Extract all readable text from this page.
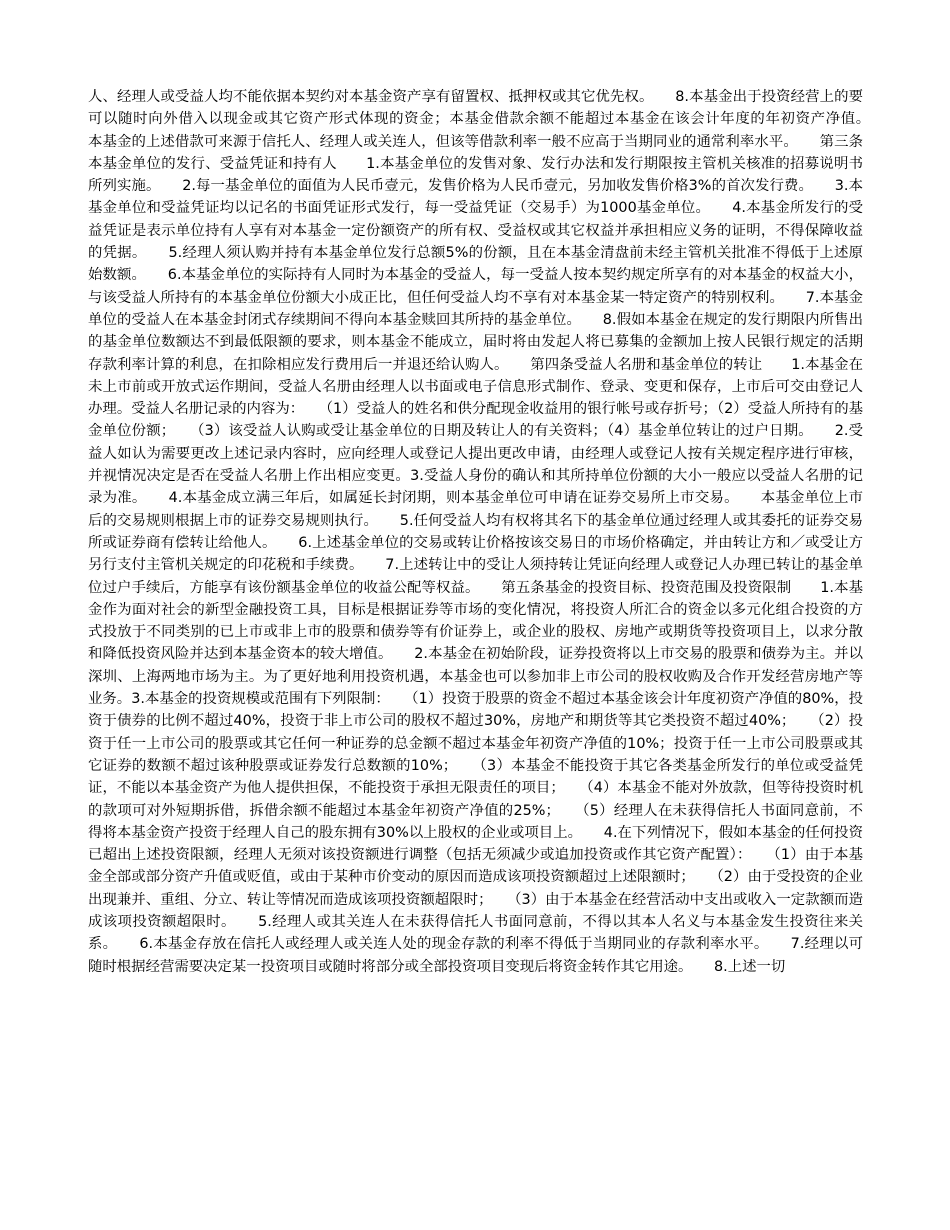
人、经理人或受益人均不能依据本契约对本基金资产享有留置权、抵押权或其它优先权。　　8.本基金出于投资经营上的要可以随时向外借入以现金或其它资产形式体现的资金；本基金借款余额不能超过本基金在该会计年度的年初资产净值。　　本基金的上述借款可来源于信托人、经理人或关连人，但该等借款利率一般不应高于当期同业的通常利率水平。　　第三条本基金单位的发行、受益凭证和持有人　　1.本基金单位的发售对象、发行办法和发行期限按主管机关核准的招募说明书所列实施。　　2.每一基金单位的面值为人民币壹元，发售价格为人民币壹元，另加收发售价格3%的首次发行费。　　3.本基金单位和受益凭证均以记名的书面凭证形式发行，每一受益凭证（交易手）为1000基金单位。　　4.本基金所发行的受益凭证是表示单位持有人享有对本基金一定份额资产的所有权、受益权或其它权益并承担相应义务的证明，不得保障收益的凭据。　　5.经理人须认购并持有本基金单位发行总额5%的份额，且在本基金清盘前未经主管机关批准不得低于上述原始数额。　　6.本基金单位的实际持有人同时为本基金的受益人，每一受益人按本契约规定所享有的对本基金的权益大小，与该受益人所持有的本基金单位份额大小成正比，但任何受益人均不享有对本基金某一特定资产的特别权利。　　7.本基金单位的受益人在本基金封闭式存续期间不得向本基金赎回其所持的基金单位。　　8.假如本基金在规定的发行期限内所售出的基金单位数额达不到最低限额的要求，则本基金不能成立，届时将由发起人将已募集的金额加上按人民银行规定的活期存款利率计算的利息，在扣除相应发行费用后一并退还给认购人。　　第四条受益人名册和基金单位的转让　　1.本基金在未上市前或开放式运作期间，受益人名册由经理人以书面或电子信息形式制作、登录、变更和保存，上市后可交由登记人办理。受益人名册记录的内容为：　　（1）受益人的姓名和供分配现金收益用的银行帐号或存折号；（2）受益人所持有的基金单位份额；　　（3）该受益人认购或受让基金单位的日期及转让人的有关资料；（4）基金单位转让的过户日期。　　2.受益人如认为需要更改上述记录内容时，应向经理人或登记人提出更改申请，由经理人或登记人按有关规定程序进行审核，并视情况决定是否在受益人名册上作出相应变更。3.受益人身份的确认和其所持单位份额的大小一般应以受益人名册的记录为准。　　4.本基金成立满三年后，如属延长封闭期，则本基金单位可申请在证券交易所上市交易。　　本基金单位上市后的交易规则根据上市的证券交易规则执行。　　5.任何受益人均有权将其名下的基金单位通过经理人或其委托的证券交易所或证券商有偿转让给他人。　　6.上述基金单位的交易或转让价格按该交易日的市场价格确定，并由转让方和／或受让方另行支付主管机关规定的印花税和手续费。　　7.上述转让中的受让人须持转让凭证向经理人或登记人办理已转让的基金单位过户手续后，方能享有该份额基金单位的收益公配等权益。　　第五条基金的投资目标、投资范围及投资限制　　1.本基金作为面对社会的新型金融投资工具，目标是根据证券等市场的变化情况，将投资人所汇合的资金以多元化组合投资的方式投放于不同类别的已上市或非上市的股票和债券等有价证券上，或企业的股权、房地产或期货等投资项目上，以求分散和降低投资风险并达到本基金资本的较大增值。　　2.本基金在初始阶段，证券投资将以上市交易的股票和债券为主。并以深圳、上海两地市场为主。为了更好地利用投资机遇，本基金也可以参加非上市公司的股权收购及合作开发经营房地产等业务。3.本基金的投资规模或范围有下列限制：　　（1）投资于股票的资金不超过本基金该会计年度初资产净值的80%，投资于债券的比例不超过40%，投资于非上市公司的股权不超过30%，房地产和期货等其它类投资不超过40%；　　（2）投资于任一上市公司的股票或其它任何一种证券的总金额不超过本基金年初资产净值的10%；投资于任一上市公司股票或其它证券的数额不超过该种股票或证券发行总数额的10%；　　（3）本基金不能投资于其它各类基金所发行的单位或受益凭证，不能以本基金资产为他人提供担保，不能投资于承担无限责任的项目；　　（4）本基金不能对外放款，但等待投资时机的款项可对外短期拆借，拆借余额不能超过本基金年初资产净值的25%；　　（5）经理人在未获得信托人书面同意前，不得将本基金资产投资于经理人自己的股东拥有30%以上股权的企业或项目上。　　4.在下列情况下，假如本基金的任何投资已超出上述投资限额，经理人无须对该投资额进行调整（包括无须减少或追加投资或作其它资产配置）：　　（1）由于本基金全部或部分资产升值或贬值，或由于某种市价变动的原因而造成该项投资额超过上述限额时；　　（2）由于受投资的企业出现兼并、重组、分立、转让等情况而造成该项投资额超限时；　　（3）由于本基金在经营活动中支出或收入一定款额而造成该项投资额超限时。　　5.经理人或其关连人在未获得信托人书面同意前，不得以其本人名义与本基金发生投资往来关系。　　6.本基金存放在信托人或经理人或关连人处的现金存款的利率不得低于当期同业的存款利率水平。　　7.经理以可随时根据经营需要决定某一投资项目或随时将部分或全部投资项目变现后将资金转作其它用途。　　8.上述一切
